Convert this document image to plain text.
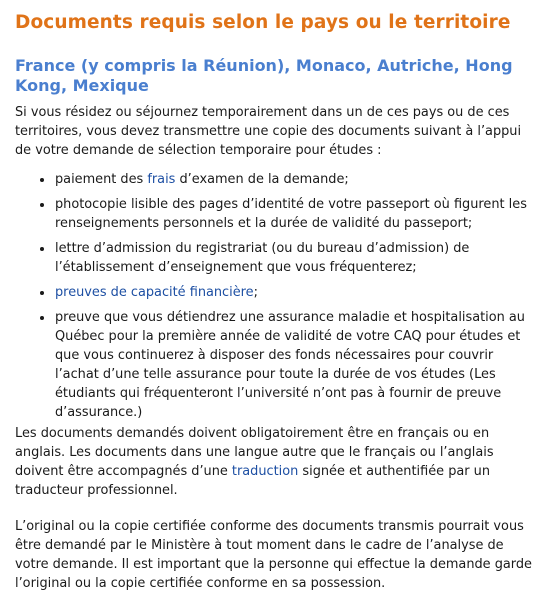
Documents requis selon le pays ou le territoire
France (y compris la Réunion), Monaco, Autriche, Hong Kong, Mexique

Si vous résidez ou séjournez temporairement dans un de ces pays ou de ces territoires, vous devez transmettre une copie des documents suivant à l’appui de votre demande de sélection temporaire pour études :

• paiement des frais d’examen de la demande;
• photocopie lisible des pages d’identité de votre passeport où figurent les renseignements personnels et la durée de validité du passeport;
• lettre d’admission du registrariat (ou du bureau d’admission) de l’établissement d’enseignement que vous fréquenterez;
• preuves de capacité financière;
• preuve que vous détiendrez une assurance maladie et hospitalisation au Québec pour la première année de validité de votre CAQ pour études et que vous continuerez à disposer des fonds nécessaires pour couvrir l’achat d’une telle assurance pour toute la durée de vos études (Les étudiants qui fréquenteront l’université n’ont pas à fournir de preuve d’assurance.)

Les documents demandés doivent obligatoirement être en français ou en anglais. Les documents dans une langue autre que le français ou l’anglais doivent être accompagnés d’une traduction signée et authentifiée par un traducteur professionnel.

L’original ou la copie certifiée conforme des documents transmis pourrait vous être demandé par le Ministère à tout moment dans le cadre de l’analyse de votre demande. Il est important que la personne qui effectue la demande garde l’original ou la copie certifiée conforme en sa possession.
